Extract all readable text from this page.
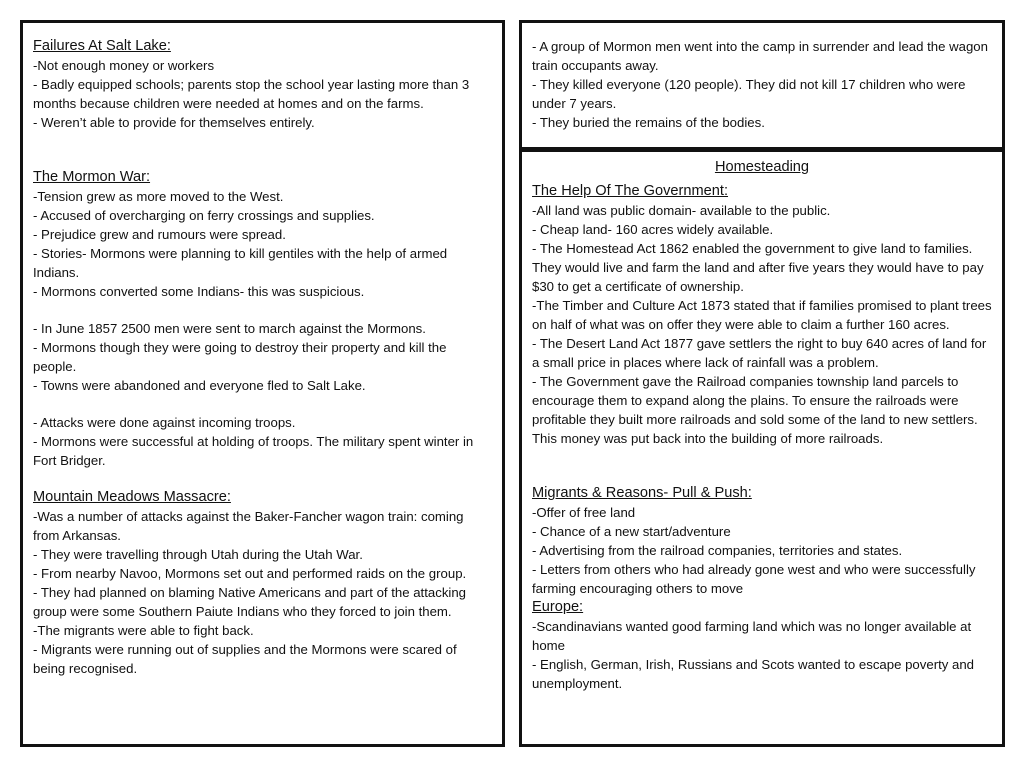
Failures At Salt Lake:

-Not enough money or workers

- Badly equipped schools; parents stop the school year lasting more than 3 months because children were needed at homes and on the farms.

- Weren’t able to provide for themselves entirely.

The Mormon War:

-Tension grew as more moved to the West.

- Accused of overcharging on ferry crossings and supplies.

- Prejudice grew and rumours were spread.

- Stories- Mormons were planning to kill gentiles with the help of armed Indians.

- Mormons converted some Indians- this was suspicious.

- In June 1857 2500 men were sent to march against the Mormons.

- Mormons though they were going to destroy their property and kill the people.

- Towns were abandoned and everyone fled to Salt Lake.

- Attacks were done against incoming troops.

- Mormons were successful at holding of troops. The military spent winter in Fort Bridger.

Mountain Meadows Massacre:

-Was a number of attacks against the Baker-Fancher wagon train: coming from Arkansas.

- They were travelling through Utah during the Utah War.

- From nearby Navoo, Mormons set out and performed raids on the group.

- They had planned on blaming Native Americans and part of the attacking group were some Southern Paiute Indians who they forced to join them.

-The migrants were able to fight back.

- Migrants were running out of supplies and the Mormons were scared of being recognised.

- A group of Mormon men went into the camp in surrender and lead the wagon train occupants away.

- They killed everyone (120 people). They did not kill 17 children who were under 7 years.

- They buried the remains of the bodies.

Homesteading

The Help Of The Government:

-All land was public domain- available to the public.

- Cheap land- 160 acres widely available.

- The Homestead Act 1862 enabled the government to give land to families. They would live and farm the land and after five years they would have to pay $30 to get a certificate of ownership.

-The Timber and Culture Act 1873 stated that if families promised to plant trees on half of what was on offer they were able to claim a further 160 acres.

- The Desert Land Act 1877 gave settlers the right to buy 640 acres of land for a small price in places where lack of rainfall was a problem.

- The Government gave the Railroad companies township land parcels to encourage them to expand along the plains. To ensure the railroads were profitable they built more railroads and sold some of the land to new settlers. This money was put back into the building of more railroads.

Migrants & Reasons- Pull & Push:

-Offer of free land

- Chance of a new start/adventure

- Advertising from the railroad companies, territories and states.

- Letters from others who had already gone west and who were successfully farming encouraging others to move

Europe:

-Scandinavians wanted good farming land which was no longer available at home

- English, German, Irish, Russians and Scots wanted to escape poverty and unemployment.
